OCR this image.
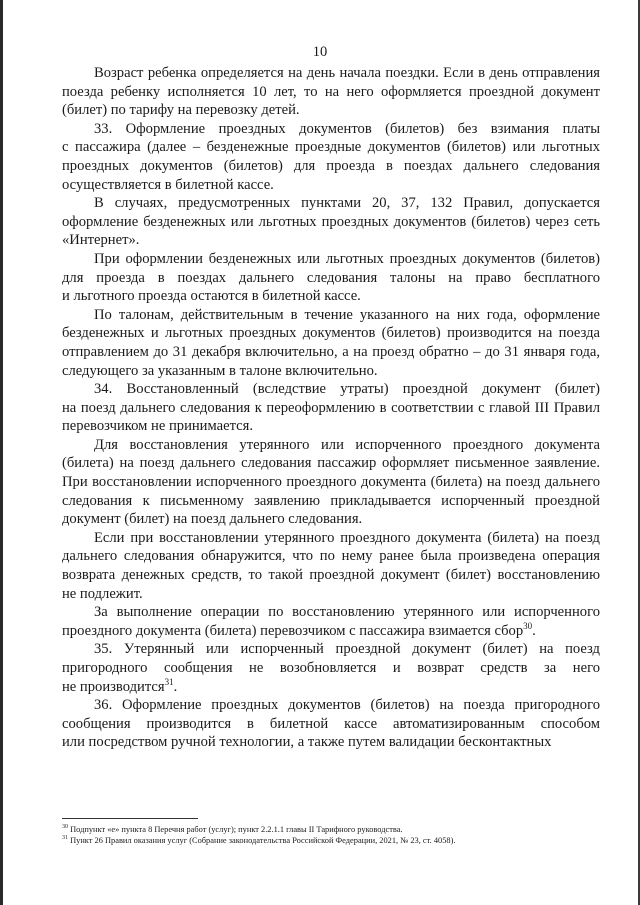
10
Возраст ребенка определяется на день начала поездки. Если в день отправления
поезда ребенку исполняется 10 лет, то на него оформляется проездной документ
(билет) по тарифу на перевозку детей.
33. Оформление проездных документов (билетов) без взимания платы
с пассажира (далее – безденежные проездные документов (билетов) или льготных
проездных документов (билетов) для проезда в поездах дальнего следования
осуществляется в билетной кассе.
В случаях, предусмотренных пунктами 20, 37, 132 Правил, допускается
оформление безденежных или льготных проездных документов (билетов) через сеть
«Интернет».
При оформлении безденежных или льготных проездных документов (билетов)
для проезда в поездах дальнего следования талоны на право бесплатного
и льготного проезда остаются в билетной кассе.
По талонам, действительным в течение указанного на них года, оформление
безденежных и льготных проездных документов (билетов) производится на поезда
отправлением до 31 декабря включительно, а на проезд обратно – до 31 января года,
следующего за указанным в талоне включительно.
34. Восстановленный (вследствие утраты) проездной документ (билет)
на поезд дальнего следования к переоформлению в соответствии с главой III Правил
перевозчиком не принимается.
Для восстановления утерянного или испорченного проездного документа
(билета) на поезд дальнего следования пассажир оформляет письменное заявление.
При восстановлении испорченного проездного документа (билета) на поезд дальнего
следования к письменному заявлению прикладывается испорченный проездной
документ (билет) на поезд дальнего следования.
Если при восстановлении утерянного проездного документа (билета) на поезд
дальнего следования обнаружится, что по нему ранее была произведена операция
возврата денежных средств, то такой проездной документ (билет) восстановлению
не подлежит.
За выполнение операции по восстановлению утерянного или испорченного
проездного документа (билета) перевозчиком с пассажира взимается сбор$^{30}$.
35. Утерянный или испорченный проездной документ (билет) на поезд
пригородного сообщения не возобновляется и возврат средств за него
не производится$^{31}$.
36. Оформление проездных документов (билетов) на поезда пригородного
сообщения производится в билетной кассе автоматизированным способом
или посредством ручной технологии, а также путем валидации бесконтактных
$^{30}$ Подпункт «е» пункта 8 Перечня работ (услуг); пункт 2.2.1.1 главы II Тарифного руководства.
$^{31}$ Пункт 26 Правил оказания услуг (Собрание законодательства Российской Федерации, 2021, № 23, ст. 4058).
